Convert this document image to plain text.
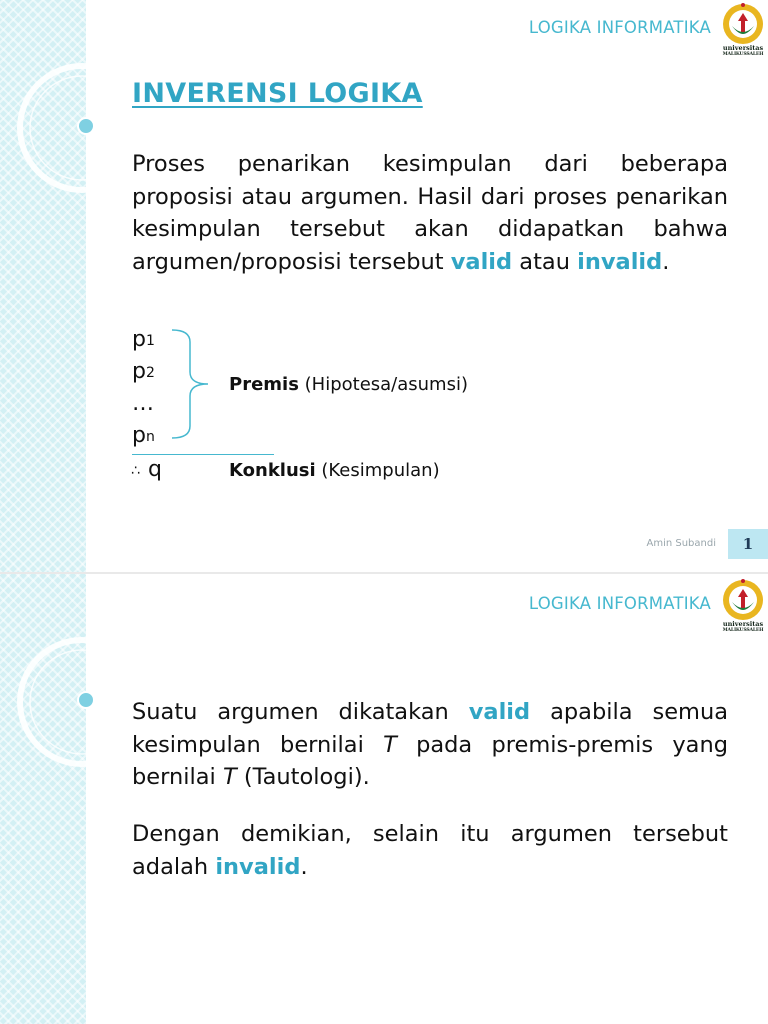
LOGIKA INFORMATIKA
universitas
MALIKUSSALEH
INVERENSI LOGIKA

Proses penarikan kesimpulan dari beberapa proposisi atau argumen. Hasil dari proses penarikan kesimpulan tersebut akan didapatkan bahwa argumen/proposisi tersebut valid atau invalid.

$p_1$
$p_2$
…
$p_n$
∴ q
Premis (Hipotesa/asumsi)
Konklusi (Kesimpulan)
Amin Subandi	1
LOGIKA INFORMATIKA
universitas
MALIKUSSALEH

Suatu argumen dikatakan valid apabila semua kesimpulan bernilai T pada premis-premis yang bernilai T (Tautologi).

Dengan demikian, selain itu argumen tersebut adalah invalid.
